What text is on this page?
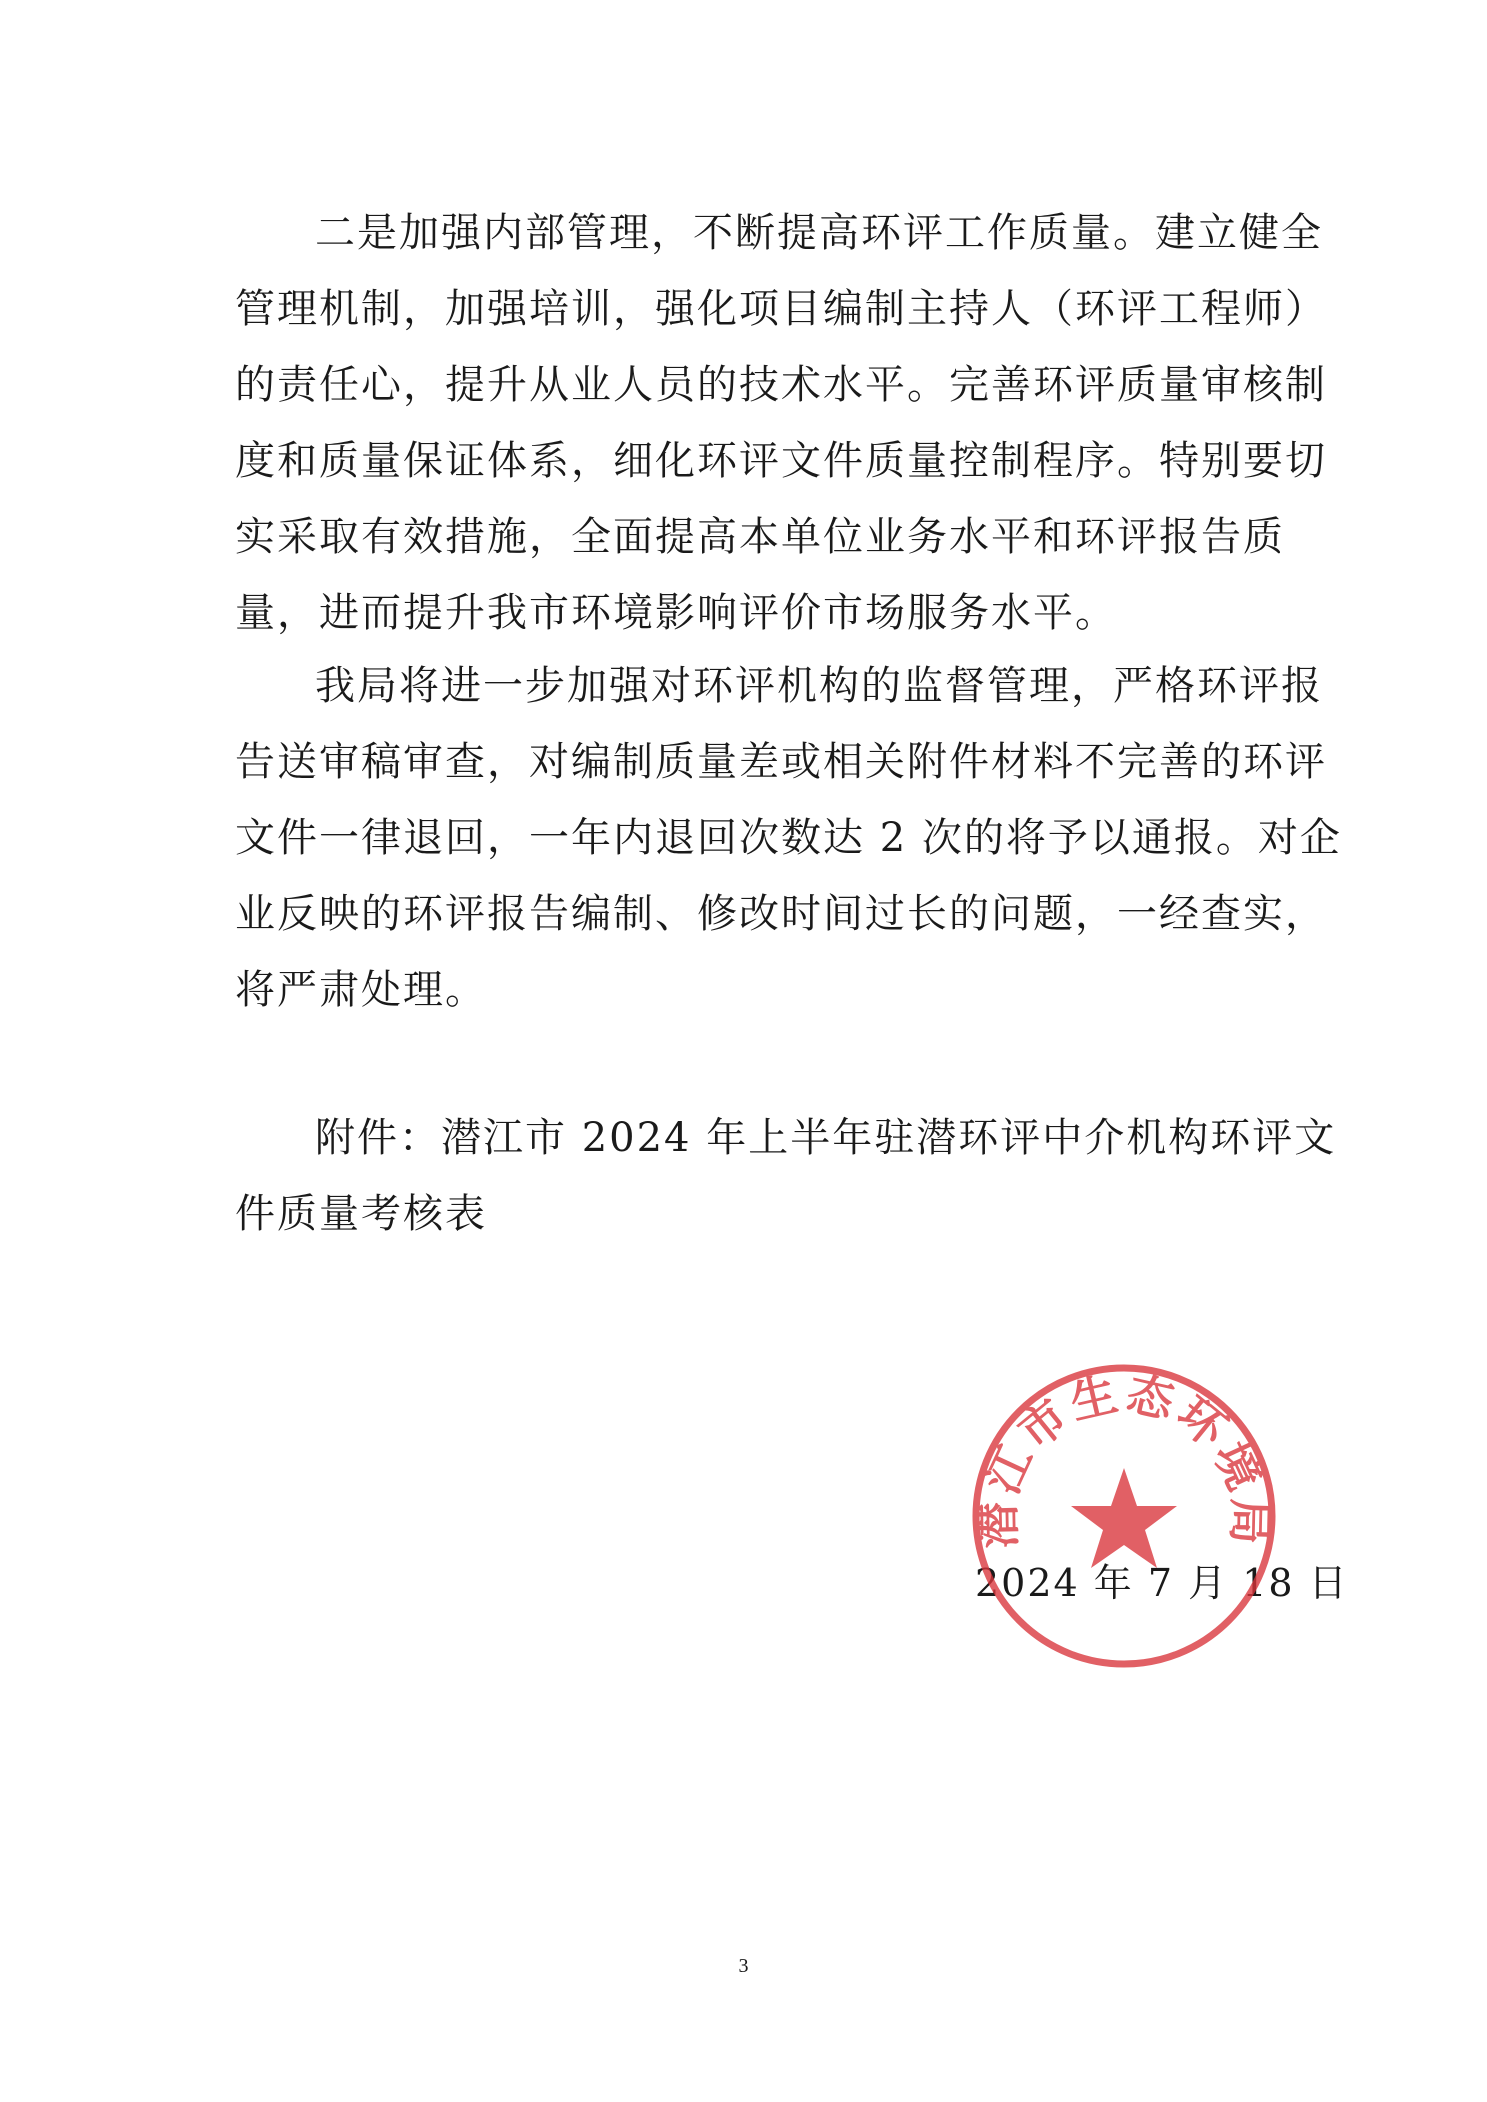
二是加强内部管理，不断提高环评工作质量。建立健全
管理机制，加强培训，强化项目编制主持人（环评工程师）
的责任心，提升从业人员的技术水平。完善环评质量审核制
度和质量保证体系，细化环评文件质量控制程序。特别要切
实采取有效措施，全面提高本单位业务水平和环评报告质
量，进而提升我市环境影响评价市场服务水平。
我局将进一步加强对环评机构的监督管理，严格环评报
告送审稿审查，对编制质量差或相关附件材料不完善的环评
文件一律退回，一年内退回次数达 2 次的将予以通报。对企
业反映的环评报告编制、修改时间过长的问题，一经查实，
将严肃处理。
附件：潜江市 2024 年上半年驻潜环评中介机构环评文
件质量考核表
2024 年 7 月 18 日
潜江市生态环境局
3
